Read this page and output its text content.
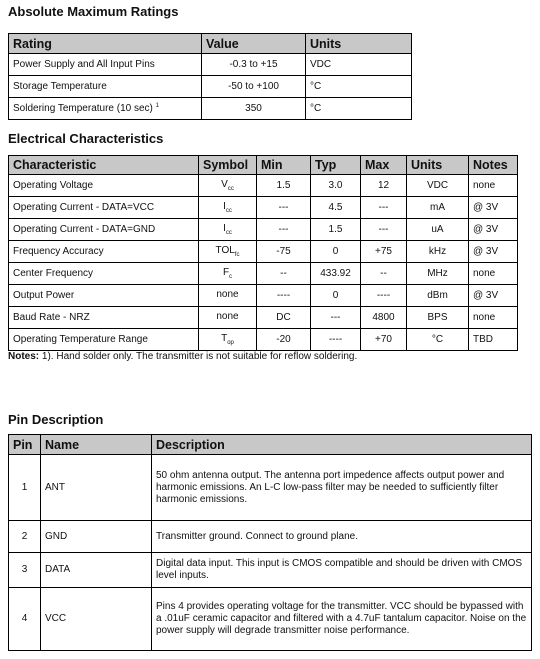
Absolute Maximum Ratings
Rating	Value	Units
Power Supply and All Input Pins	-0.3 to +15	VDC
Storage Temperature	-50 to +100	°C
Soldering Temperature (10 sec) $^1$	350	°C
Electrical Characteristics
Characteristic	Symbol	Min	Typ	Max	Units	Notes
Operating Voltage	$V_{cc}$	1.5	3.0	12	VDC	none
Operating Current - DATA=VCC	$I_{cc}$	---	4.5	---	mA	@ 3V
Operating Current - DATA=GND	$I_{cc}$	---	1.5	---	uA	@ 3V
Frequency Accuracy	$TOL_{fc}$	-75	0	+75	kHz	@ 3V
Center Frequency	$F_c$	--	433.92	--	MHz	none
Output Power	none	----	0	----	dBm	@ 3V
Baud Rate - NRZ	none	DC	---	4800	BPS	none
Operating Temperature Range	$T_{op}$	-20	----	+70	°C	TBD

Notes: 1). Hand solder only. The transmitter is not suitable for reflow soldering.

Pin Description
Pin	Name	Description
1	ANT	50 ohm antenna output. The antenna port impedence affects output power and harmonic emissions. An L-C low-pass filter may be needed to sufficiently filter harmonic emissions.
2	GND	Transmitter ground. Connect to ground plane.
3	DATA	Digital data input. This input is CMOS compatible and should be driven with CMOS level inputs.
4	VCC	Pins 4 provides operating voltage for the transmitter. VCC should be bypassed with a .01uF ceramic capacitor and filtered with a 4.7uF tantalum capacitor. Noise on the power supply will degrade transmitter noise performance.
